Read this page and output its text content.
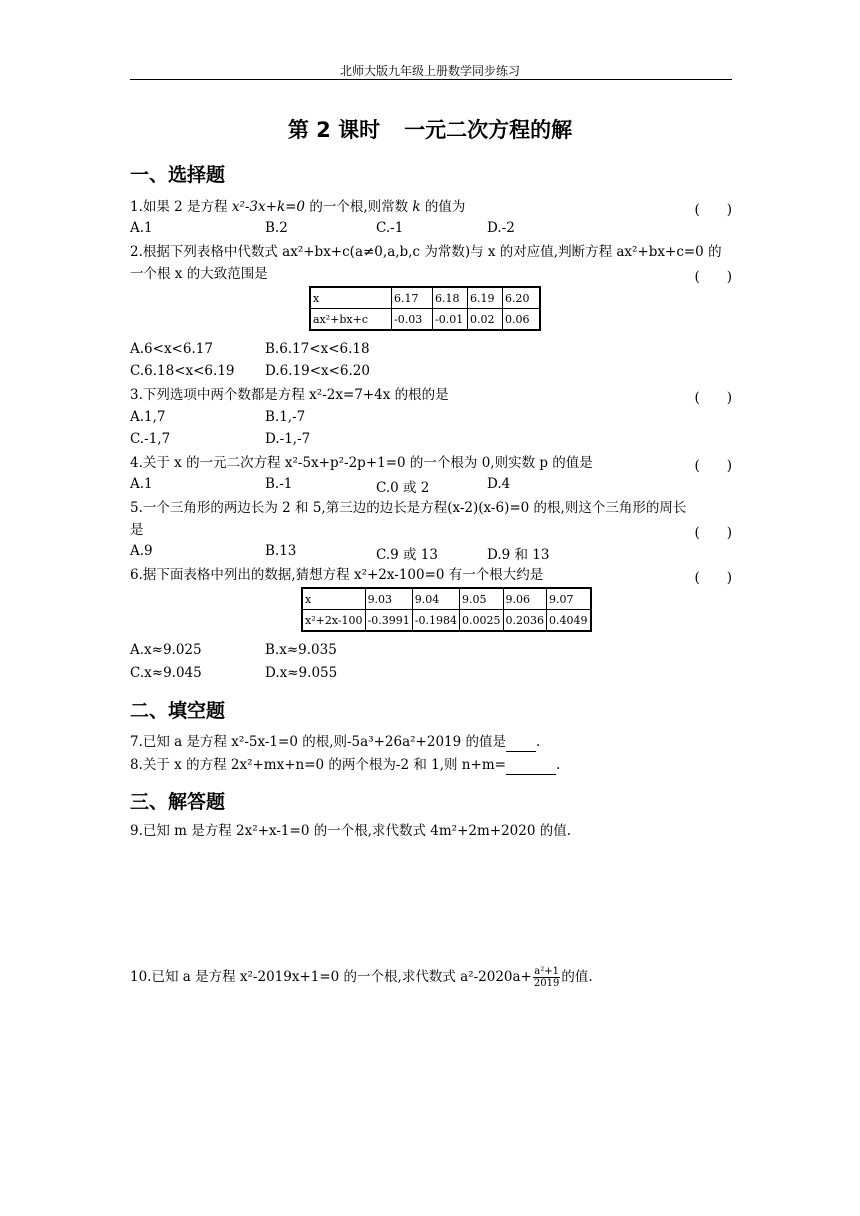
北师大版九年级上册数学同步练习
第 2 课时 一元二次方程的解
一、选择题
1.如果 2 是方程 x²-3x+k=0 的一个根,则常数 k 的值为	(　　)
A.1	B.2	C.-1	D.-2
2.根据下列表格中代数式 ax²+bx+c(a≠0,a,b,c 为常数)与 x 的对应值,判断方程 ax²+bx+c=0 的
一个根 x 的大致范围是	(　　)
x	6.17	6.18	6.19	6.20
ax²+bx+c	-0.03	-0.01	0.02	0.06
A.6<x<6.17	B.6.17<x<6.18
C.6.18<x<6.19 D.6.19<x<6.20
3.下列选项中两个数都是方程 x²-2x=7+4x 的根的是	(　　)
A.1,7	B.1,-7
C.-1,7	D.-1,-7
4.关于 x 的一元二次方程 x²-5x+p²-2p+1=0 的一个根为 0,则实数 p 的值是	(　　)
A.1	B.-1	C.0 或 2	D.4
5.一个三角形的两边长为 2 和 5,第三边的边长是方程(x-2)(x-6)=0 的根,则这个三角形的周长
是	(　　)
A.9	B.13	C.9 或 13	D.9 和 13
6.据下面表格中列出的数据,猜想方程 x²+2x-100=0 有一个根大约是	(　　)
x	9.03	9.04	9.05	9.06	9.07
x²+2x-100	-0.3991	-0.1984	0.0025	0.2036	0.4049
A.x≈9.025	B.x≈9.035
C.x≈9.045	D.x≈9.055
二、填空题
7.已知 a 是方程 x²-5x-1=0 的根,则-5a³+26a²+2019 的值是 .
8.关于 x 的方程 2x²+mx+n=0 的两个根为-2 和 1,则 n+m=	.
三、解答题
9.已知 m 是方程 2x²+x-1=0 的一个根,求代数式 4m²+2m+2020 的值.
10.已知 a 是方程 x²-2019x+1=0 的一个根,求代数式 $a^2-2020a+ \frac{\text{a²+1}}{2019}$ 的值.
